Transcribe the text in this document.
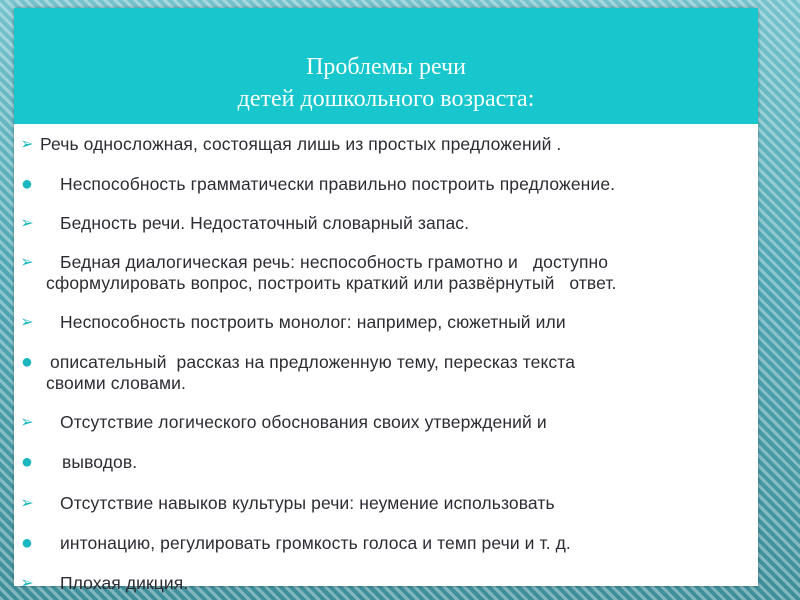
Проблемы речи
детей дошкольного возраста:
➢ Речь односложная, состоящая лишь из простых предложений .
● Неспособность грамматически правильно построить предложение.
➢ Бедность речи. Недостаточный словарный запас.
➢ Бедная диалогическая речь: неспособность грамотно и   доступно
сформулировать вопрос, построить краткий или развёрнутый   ответ.
➢ Неспособность построить монолог: например, сюжетный или
● описательный  рассказ на предложенную тему, пересказ текста
своими словами.
➢ Отсутствие логического обоснования своих утверждений и
● выводов.
➢ Отсутствие навыков культуры речи: неумение использовать
● интонацию, регулировать громкость голоса и темп речи и т. д.
➢ Плохая дикция.
